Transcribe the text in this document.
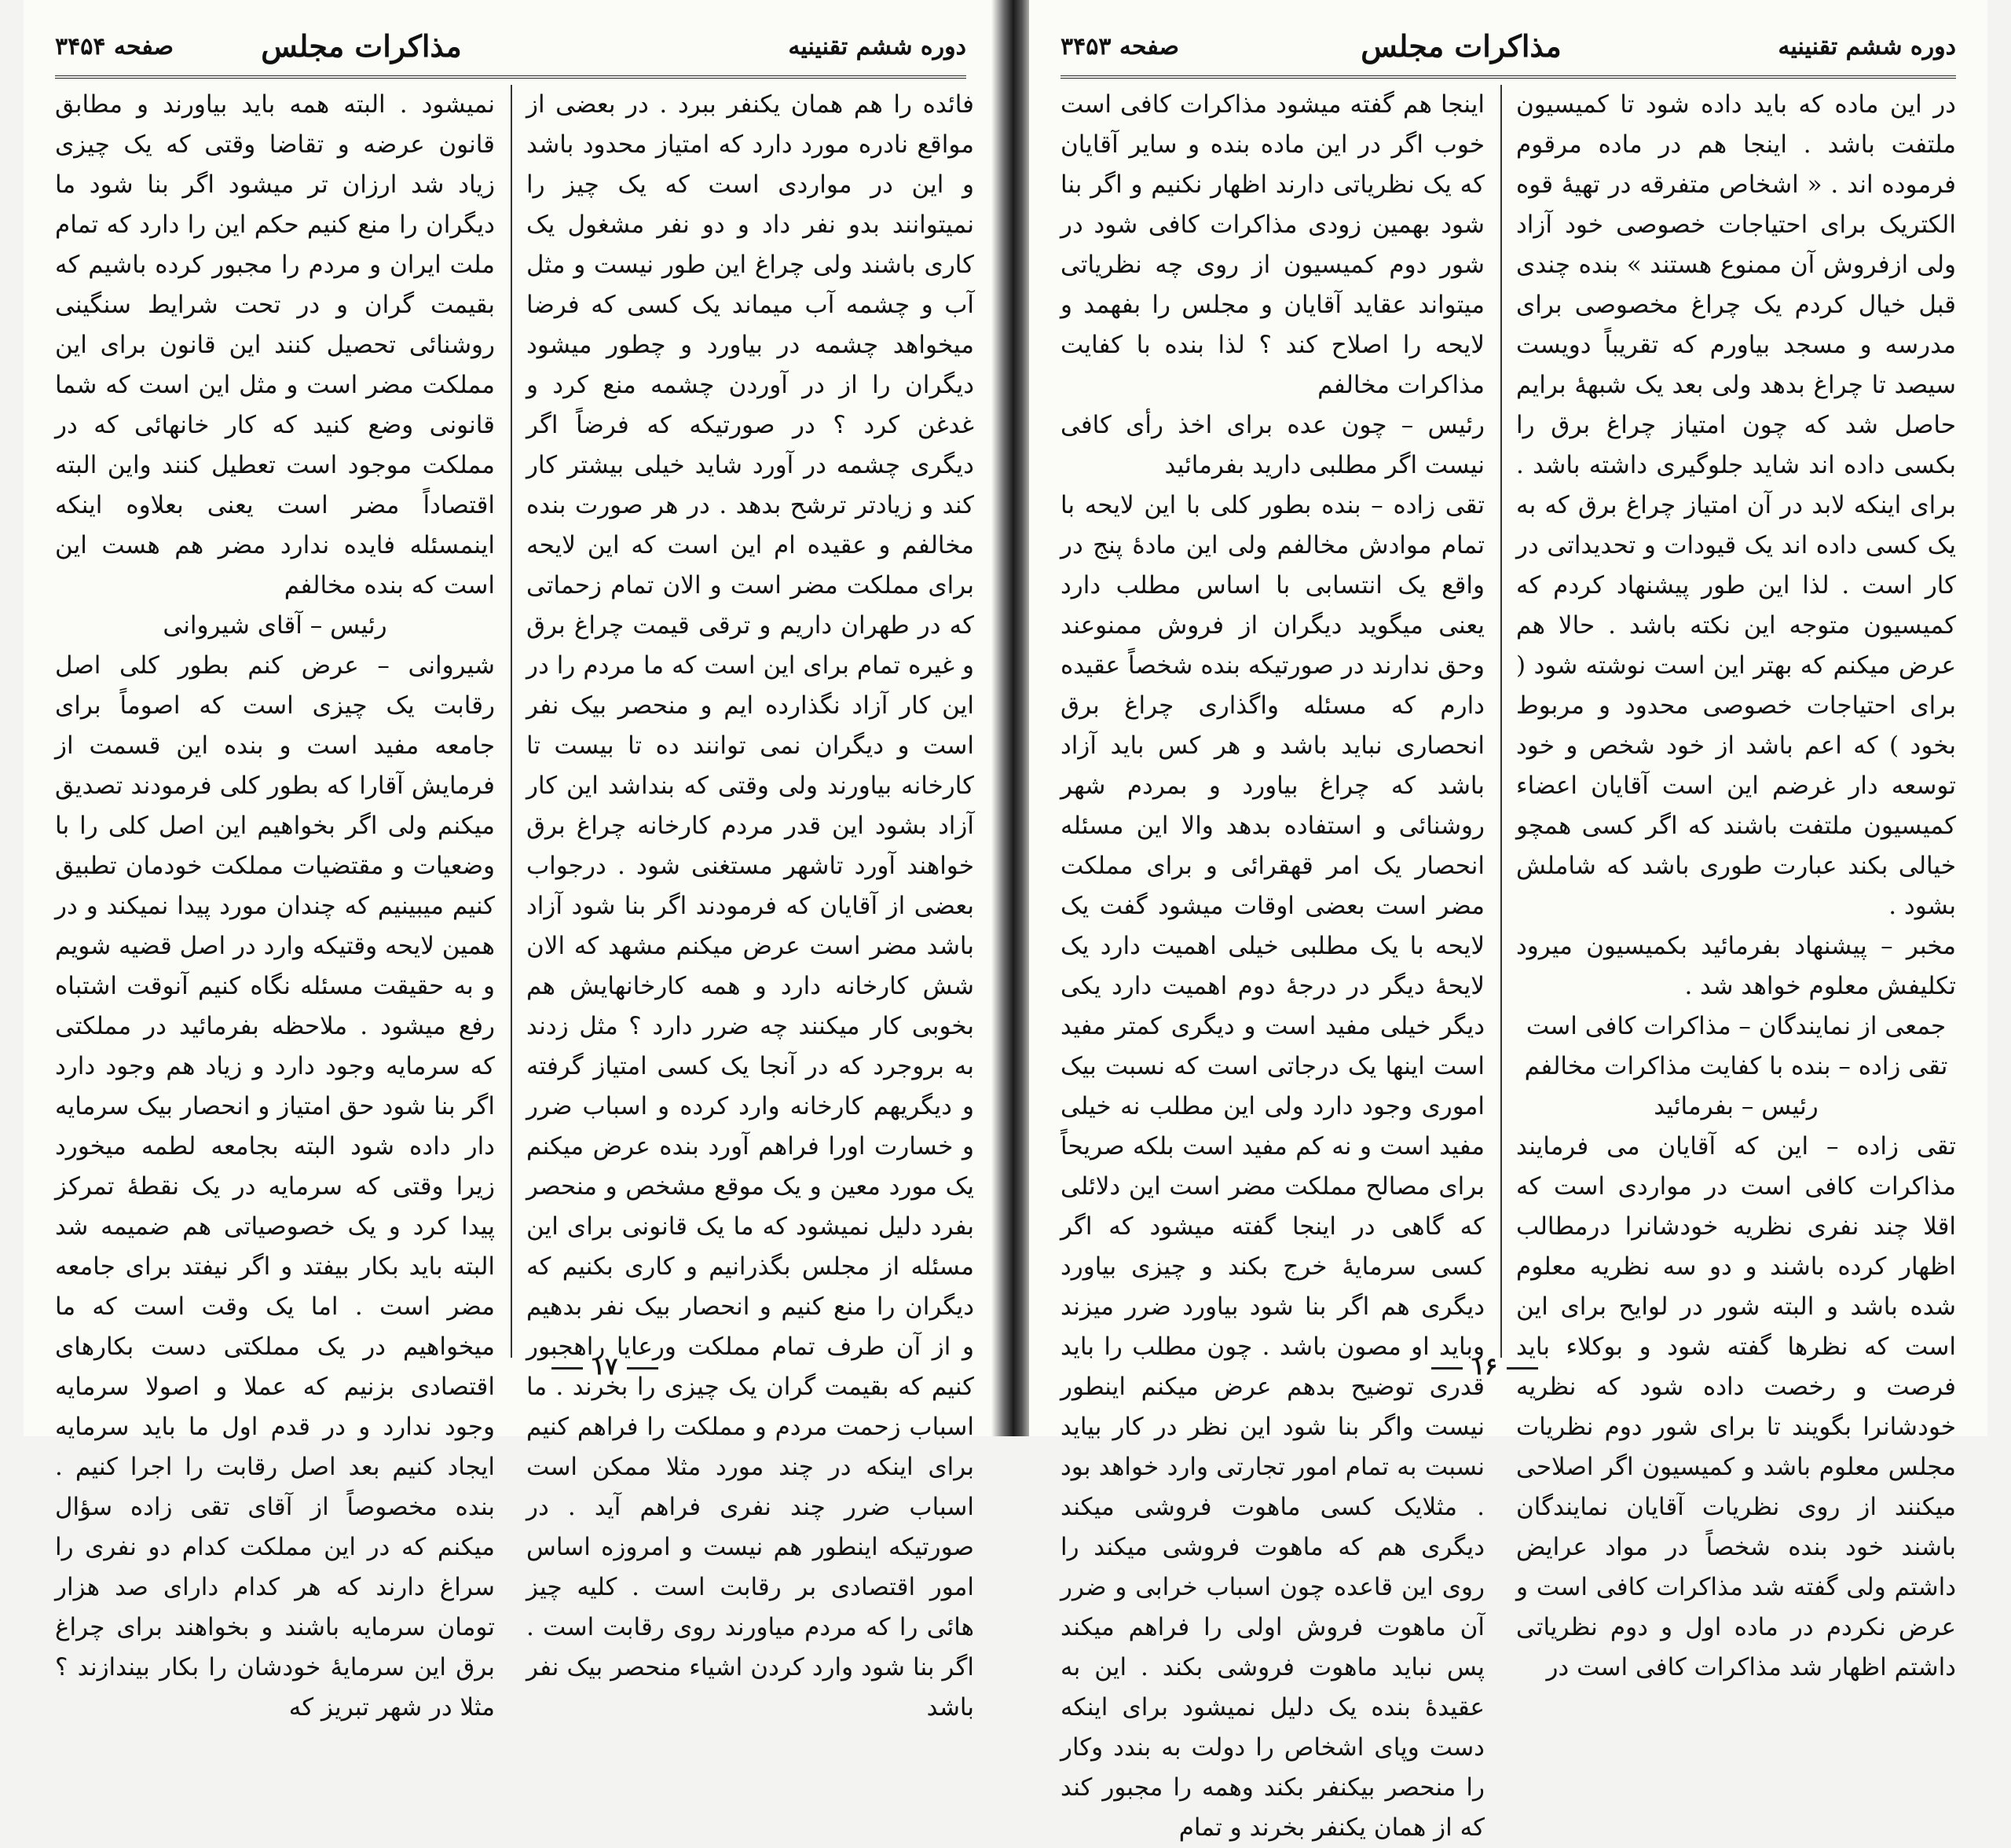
دوره ششم تقنینیه
مذاکرات مجلس
صفحه ۳۴۵۴

فائده را هم همان یکنفر ببرد . در بعضی از مواقع نادره مورد دارد که امتیاز محدود باشد و این در مواردی است که یک چیز را نمیتوانند بدو نفر داد و دو نفر مشغول یک کاری باشند ولی چراغ این طور نیست و مثل آب و چشمه آب میماند یک کسی که فرضا میخواهد چشمه در بیاورد و چطور میشود دیگران را از در آوردن چشمه منع کرد و غدغن کرد ؟ در صورتیکه که فرضاً اگر دیگری چشمه در آورد شاید خیلی بیشتر کار کند و زیادتر ترشح بدهد . در هر صورت بنده مخالفم و عقیده ام این است که این لایحه برای مملکت مضر است و الان تمام زحماتی که در طهران داریم و ترقی قیمت چراغ برق و غیره تمام برای این است که ما مردم را در این کار آزاد نگذارده ایم و منحصر بیک نفر است و دیگران نمی توانند ده تا بیست تا کارخانه بیاورند ولی وقتی که بنداشد این کار آزاد بشود این قدر مردم کارخانه چراغ برق خواهند آورد تاشهر مستغنی شود . درجواب بعضی از آقایان که فرمودند اگر بنا شود آزاد باشد مضر است عرض میکنم مشهد که الان شش کارخانه دارد و همه کارخانهایش هم بخوبی کار میکنند چه ضرر دارد ؟ مثل زدند به بروجرد که در آنجا یک کسی امتیاز گرفته و دیگریهم کارخانه وارد کرده و اسباب ضرر و خسارت اورا فراهم آورد بنده عرض میکنم یک مورد معین و یک موقع مشخص و منحصر بفرد دلیل نمیشود که ما یک قانونی برای این مسئله از مجلس بگذرانیم و کاری بکنیم که دیگران را منع کنیم و انحصار بیک نفر بدهیم و از آن طرف تمام مملکت ورعایا راهجبور کنیم که بقیمت گران یک چیزی را بخرند . ما اسباب زحمت مردم و مملکت را فراهم کنیم برای اینکه در چند مورد مثلا ممکن است اسباب ضرر چند نفری فراهم آید . در صورتیکه اینطور هم نیست و امروزه اساس امور اقتصادی بر رقابت است . کلیه چیز هائی را که مردم میاورند روی رقابت است . اگر بنا شود وارد کردن اشیاء منحصر بیک نفر باشد

نمیشود . البته همه باید بیاورند و مطابق قانون عرضه و تقاضا وقتی که یک چیزی زیاد شد ارزان تر میشود اگر بنا شود ما دیگران را منع کنیم حکم این را دارد که تمام ملت ایران و مردم را مجبور کرده باشیم که بقیمت گران و در تحت شرایط سنگینی روشنائی تحصیل کنند این قانون برای این مملکت مضر است و مثل این است که شما قانونی وضع کنید که کار خانهائی که در مملکت موجود است تعطیل کنند واین البته اقتصاداً مضر است یعنی بعلاوه اینکه اینمسئله فایده ندارد مضر هم هست این است که بنده مخالفم

رئیس – آقای شیروانی

شیروانی – عرض کنم بطور کلی اصل رقابت یک چیزی است که اصوماً برای جامعه مفید است و بنده این قسمت از فرمایش آقارا که بطور کلی فرمودند تصدیق میکنم ولی اگر بخواهیم این اصل کلی را با وضعیات و مقتضیات مملکت خودمان تطبیق کنیم میبینیم که چندان مورد پیدا نمیکند و در همین لایحه وقتیکه وارد در اصل قضیه شویم و به حقیقت مسئله نگاه کنیم آنوقت اشتباه رفع میشود . ملاحظه بفرمائید در مملکتی که سرمایه وجود دارد و زیاد هم وجود دارد اگر بنا شود حق امتیاز و انحصار بیک سرمایه دار داده شود البته بجامعه لطمه میخورد زیرا وقتی که سرمایه در یک نقطهٔ تمرکز پیدا کرد و یک خصوصیاتی هم ضمیمه شد البته باید بکار بیفتد و اگر نیفتد برای جامعه مضر است . اما یک وقت است که ما میخواهیم در یک مملکتی دست بکارهای اقتصادی بزنیم که عملا و اصولا سرمایه وجود ندارد و در قدم اول ما باید سرمایه ایجاد کنیم بعد اصل رقابت را اجرا کنیم . بنده مخصوصاً از آقای تقی زاده سؤال میکنم که در این مملکت کدام دو نفری را سراغ دارند که هر کدام دارای صد هزار تومان سرمایه باشند و بخواهند برای چراغ برق این سرمایهٔ خودشان را بکار بیندازند ؟ مثلا در شهر تبریز که

۱۷
دوره ششم تقنینیه
مذاکرات مجلس
صفحه ۳۴۵۳

در این ماده که باید داده شود تا کمیسیون ملتفت باشد . اینجا هم در ماده مرقوم فرموده اند . « اشخاص متفرقه در تهیهٔ قوه الکتریک برای احتیاجات خصوصی خود آزاد ولی ازفروش آن ممنوع هستند » بنده چندی قبل خیال کردم یک چراغ مخصوصی برای مدرسه و مسجد بیاورم که تقریباً دویست سیصد تا چراغ بدهد ولی بعد یک شبههٔ برایم حاصل شد که چون امتیاز چراغ برق را بکسی داده اند شاید جلوگیری داشته باشد . برای اینکه لابد در آن امتیاز چراغ برق که به یک کسی داده اند یک قیودات و تحدیداتی در کار است . لذا این طور پیشنهاد کردم که کمیسیون متوجه این نکته باشد . حالا هم عرض میکنم که بهتر این است نوشته شود ( برای احتیاجات خصوصی محدود و مربوط بخود ) که اعم باشد از خود شخص و خود توسعه دار غرضم این است آقایان اعضاء کمیسیون ملتفت باشند که اگر کسی همچو خیالی بکند عبارت طوری باشد که شاملش بشود .

مخبر – پیشنهاد بفرمائید بکمیسیون میرود تکلیفش معلوم خواهد شد .

جمعی از نمایندگان – مذاکرات کافی است

تقی زاده – بنده با کفایت مذاکرات مخالفم

رئیس – بفرمائید

تقی زاده – این که آقایان می فرمایند مذاکرات کافی است در مواردی است که اقلا چند نفری نظریه خودشانرا درمطالب اظهار کرده باشند و دو سه نظریه معلوم شده باشد و البته شور در لوایح برای این است که نظرها گفته شود و بوکلاء باید فرصت و رخصت داده شود که نظریه خودشانرا بگویند تا برای شور دوم نظریات مجلس معلوم باشد و کمیسیون اگر اصلاحی میکنند از روی نظریات آقایان نمایندگان باشند خود بنده شخصاً در مواد عرایض داشتم ولی گفته شد مذاکرات کافی است و عرض نکردم در ماده اول و دوم نظریاتی داشتم اظهار شد مذاکرات کافی است در

اینجا هم گفته میشود مذاکرات کافی است خوب اگر در این ماده بنده و سایر آقایان که یک نظریاتی دارند اظهار نکنیم و اگر بنا شود بهمین زودی مذاکرات کافی شود در شور دوم کمیسیون از روی چه نظریاتی میتواند عقاید آقایان و مجلس را بفهمد و لایحه را اصلاح کند ؟ لذا بنده با کفایت مذاکرات مخالفم

رئیس – چون عده برای اخذ رأی کافی نیست اگر مطلبی دارید بفرمائید

تقی زاده – بنده بطور کلی با این لایحه با تمام موادش مخالفم ولی این مادهٔ پنج در واقع یک انتسابی با اساس مطلب دارد یعنی میگوید دیگران از فروش ممنوعند وحق ندارند در صورتیکه بنده شخصاً عقیده دارم که مسئله واگذاری چراغ برق انحصاری نباید باشد و هر کس باید آزاد باشد که چراغ بیاورد و بمردم شهر روشنائی و استفاده بدهد والا این مسئله انحصار یک امر قهقرائی و برای مملکت مضر است بعضی اوقات میشود گفت یک لایحه با یک مطلبی خیلی اهمیت دارد یک لایحهٔ دیگر در درجهٔ دوم اهمیت دارد یکی دیگر خیلی مفید است و دیگری کمتر مفید است اینها یک درجاتی است که نسبت بیک اموری وجود دارد ولی این مطلب نه خیلی مفید است و نه کم مفید است بلکه صریحاً برای مصالح مملکت مضر است این دلائلی که گاهی در اینجا گفته میشود که اگر کسی سرمایهٔ خرج بکند و چیزی بیاورد دیگری هم اگر بنا شود بیاورد ضرر میزند وباید او مصون باشد . چون مطلب را باید قدری توضیح بدهم عرض میکنم اینطور نیست واگر بنا شود این نظر در کار بیاید نسبت به تمام امور تجارتی وارد خواهد بود . مثلایک کسی ماهوت فروشی میکند دیگری هم که ماهوت فروشی میکند را روی این قاعده چون اسباب خرابی و ضرر آن ماهوت فروش اولی را فراهم میکند پس نباید ماهوت فروشی بکند . این به عقیدهٔ بنده یک دلیل نمیشود برای اینکه دست وپای اشخاص را دولت به بندد وکار را منحصر بیکنفر بکند وهمه را مجبور کند که از همان یکنفر بخرند و تمام

۱۶
